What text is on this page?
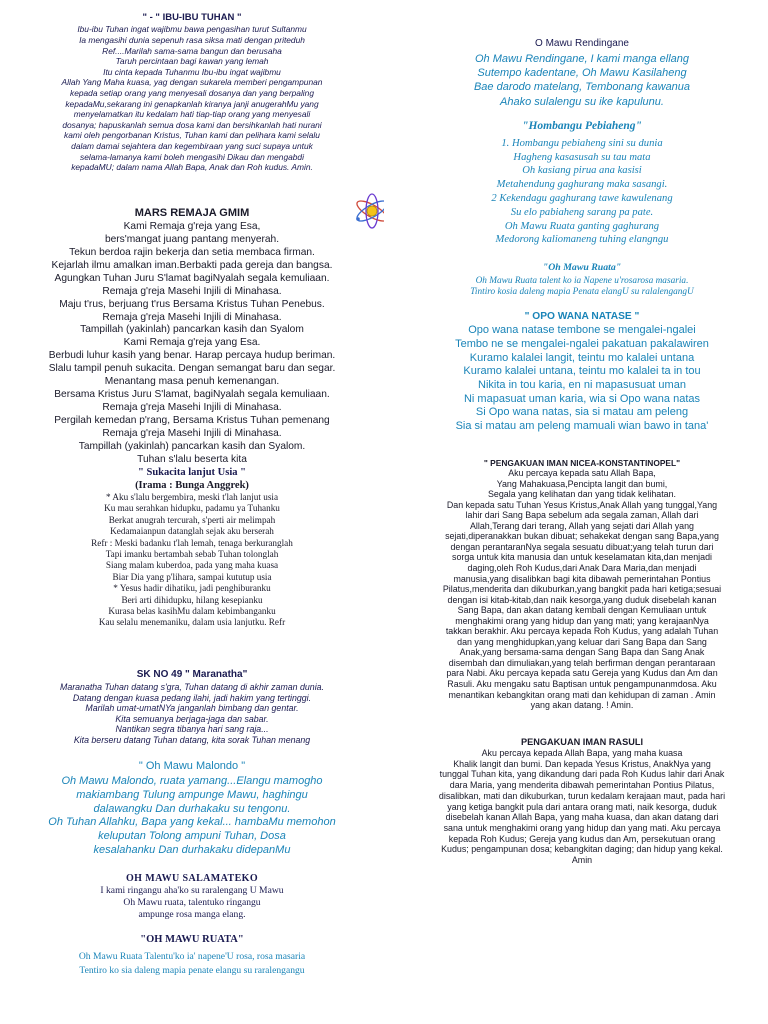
" - " IBU-IBU TUHAN "

Ibu-ibu Tuhan ingat wajibmu bawa pengasihan turut Sultanmu

Ia mengasihi dunia sepenuh rasa siksa mati dengan priteduh

Ref....Marilah sama-sama bangun dan berusaha

Taruh percintaan bagi kawan yang lemah

Itu cinta kepada Tuhanmu Ibu-ibu ingat wajibmu

Allah Yang Maha kuasa, yag dengan sukarela memberi pengampunan

kepada setiap orang yang menyesali dosanya dan yang berpaling

kepadaMu,sekarang ini genapkanlah kiranya janji anugerahMu yang

menyelamatkan itu kedalam hati tiap-tiap orang yang menyesali

dosanya; hapuskanlah semua dosa kami dan bersihkanlah hati nurani

kami oleh pengorbanan Kristus, Tuhan kami dan pelihara kami selalu

dalam damai sejahtera dan kegembiraan yang suci supaya untuk

selama-lamanya kami boleh mengasihi Dikau dan mengabdi

kepadaMU; dalam nama Allah Bapa, Anak dan Roh kudus. Amin.

MARS REMAJA GMIM

Kami Remaja g'reja yang Esa,

bers'mangat juang pantang menyerah.

Tekun berdoa rajin bekerja dan setia membaca firman.

Kejarlah ilmu amalkan iman.Berbakti pada gereja dan bangsa.

Agungkan Tuhan Juru S'lamat bagiNyalah segala kemuliaan.

Remaja g'reja Masehi Injili di Minahasa.

Maju t'rus, berjuang t'rus Bersama Kristus Tuhan Penebus.

Remaja g'reja Masehi Injili di Minahasa.

Tampillah (yakinlah) pancarkan kasih dan Syalom

Kami Remaja g'reja yang Esa.

Berbudi luhur kasih yang benar. Harap percaya hudup beriman.

Slalu tampil penuh sukacita. Dengan semangat baru dan segar.

Menantang masa penuh kemenangan.

Bersama Kristus Juru S'lamat, bagiNyalah segala kemuliaan.

Remaja g'reja Masehi Injili di Minahasa.

Pergilah kemedan p'rang, Bersama Kristus Tuhan pemenang

Remaja g'reja Masehi Injili di Minahasa.

Tampillah (yakinlah) pancarkan kasih dan Syalom.

Tuhan s'lalu beserta kita

" Sukacita lanjut Usia "

(Irama : Bunga Anggrek)

* Aku s'lalu bergembira, meski t'lah lanjut usia

Ku mau serahkan hidupku, padamu ya Tuhanku

Berkat anugrah tercurah, s'perti air melimpah

Kedamaianpun datanglah sejak aku berserah

Refr : Meski badanku t'lah lemah, tenaga berkuranglah

Tapi imanku bertambah sebab Tuhan tolonglah

Siang malam kuberdoa, pada yang maha kuasa

Biar Dia yang p'lihara, sampai kututup usia

* Yesus hadir dihatiku, jadi penghiburanku

Beri arti dihidupku, hilang kesepianku

Kurasa belas kasihMu dalam kebimbanganku

Kau selalu menemaniku, dalam usia lanjutku. Refr

SK NO 49 " Maranatha"

Maranatha Tuhan datang s'gra, Tuhan datang di akhir zaman dunia.

Datang dengan kuasa pedang ilahi, jadi hakim yang tertinggi.

Marilah umat-umatNYa janganlah bimbang dan gentar.

Kita semuanya berjaga-jaga dan sabar.

Nantikan segra tibanya hari sang raja...

Kita berseru datang Tuhan datang, kita sorak Tuhan menang

" Oh Mawu Malondo "

Oh Mawu Malondo, ruata yamang...Elangu mamogho

makiambang Tulung ampunge Mawu, haghingu

dalawangku Dan durhakaku su tengonu.

Oh Tuhan Allahku, Bapa yang kekal... hambaMu memohon

keluputan Tolong ampuni Tuhan, Dosa

kesalahanku Dan durhakaku didepanMu

OH MAWU SALAMATEKO

I kami ringangu aha'ko su raralengang U Mawu

Oh Mawu ruata, talentuko ringangu

ampunge rosa manga elang.

"OH MAWU RUATA"

Oh Mawu Ruata Talentu'ko ia' napene'U rosa, rosa masaria

Tentiro ko sia daleng mapia penate elangu su raralengangu

O Mawu Rendingane

Oh Mawu Rendingane, I kami manga ellang

Sutempo kadentane, Oh Mawu Kasilaheng

Bae darodo matelang, Tembonang kawanua

Ahako sulalengu su ike kapulunu.

"Hombangu Pebiaheng"

1. Hombangu pebiaheng sini su dunia

Hagheng kasasusah su tau mata

Oh kasiang pirua ana kasisi

Metahendung gaghurang maka sasangi.

2 Kekendagu gaghurang tawe kawulenang

Su elo pabiaheng sarang pa pate.

Oh Mawu Ruata ganting gaghurang

Medorong kaliomaneng tuhing elangngu

"Oh Mawu Ruata"

Oh Mawu Ruata talent ko ia Napene u'rosarosa masaria.

Tintiro kosia daleng mapia Penata elangU su ralalengangU

" OPO WANA NATASE "

Opo wana natase tembone se mengalei-ngalei

Tembo ne se mengalei-ngalei pakatuan pakalawiren

Kuramo kalalei langit, teintu mo kalalei untana

Kuramo kalalei untana, teintu mo kalalei ta in tou

Nikita in tou karia, en ni mapasusuat uman

Ni mapasuat uman karia, wia si Opo wana natas

Si Opo wana natas, sia si matau am peleng

Sia si matau am peleng mamuali wian bawo in tana'

" PENGAKUAN IMAN NICEA-KONSTANTINOPEL"

Aku percaya kepada satu Allah Bapa,

Yang Mahakuasa,Pencipta langit dan bumi,

Segala yang kelihatan dan yang tidak kelihatan.

Dan kepada satu Tuhan Yesus Kristus,Anak Allah yang tunggal,Yang

lahir dari Sang Bapa sebelum ada segala zaman, Allah dari

Allah,Terang dari terang, Allah yang sejati dari Allah yang

sejati,diperanakkan bukan dibuat; sehakekat dengan sang Bapa,yang

dengan perantaranNya segala sesuatu dibuat;yang telah turun dari

sorga untuk kita manusia dan untuk keselamatan kita,dan menjadi

daging,oleh Roh Kudus,dari Anak Dara Maria,dan menjadi

manusia,yang disalibkan bagi kita dibawah pemerintahan Pontius

Pilatus,menderita dan dikuburkan,yang bangkit pada hari ketiga;sesuai

dengan isi kitab-kitab,dan naik kesorga,yang duduk disebelah kanan

Sang Bapa, dan akan datang kembali dengan Kemuliaan untuk

menghakimi orang yang hidup dan yang mati; yang kerajaanNya

takkan berakhir. Aku percaya kepada Roh Kudus, yang adalah Tuhan

dan yang menghidupkan,yang keluar dari Sang Bapa dan Sang

Anak,yang bersama-sama dengan Sang Bapa dan Sang Anak

disembah dan dimuliakan,yang telah berfirman dengan perantaraan

para Nabi. Aku percaya kepada satu Gereja yang Kudus dan Am dan

Rasuli. Aku mengaku satu Baptisan untuk pengampunanmdosa. Aku

menantikan kebangkitan orang mati dan kehidupan di zaman . Amin

yang akan datang. ! Amin.

PENGAKUAN IMAN RASULI

Aku percaya kepada Allah Bapa, yang maha kuasa

Khalik langit dan bumi. Dan kepada Yesus Kristus, AnakNya yang

tunggal Tuhan kita, yang dikandung dari pada Roh Kudus lahir dari Anak

dara Maria, yang menderita dibawah pemerintahan Pontius Pilatus,

disalibkan, mati dan dikuburkan, turun kedalam kerajaan maut, pada hari

yang ketiga bangkit pula dari antara orang mati, naik kesorga, duduk

disebelah kanan Allah Bapa, yang maha kuasa, dan akan datang dari

sana untuk menghakimi orang yang hidup dan yang mati. Aku percaya

kepada Roh Kudus; Gereja yang kudus dan Am, persekutuan orang

Kudus; pengampunan dosa; kebangkitan daging; dan hidup yang kekal.

Amin
